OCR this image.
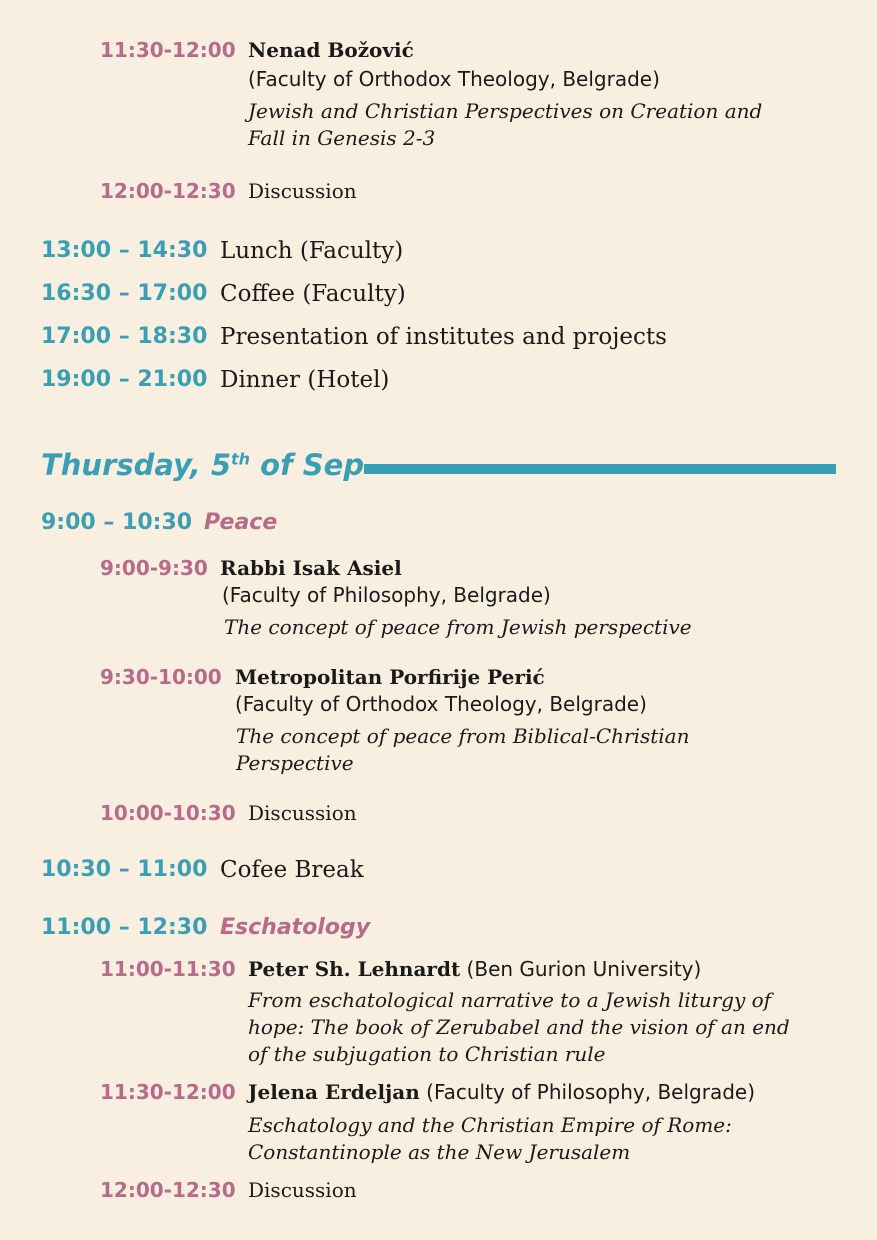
11:30-12:00 Nenad Božović
(Faculty of Orthodox Theology, Belgrade)
Jewish and Christian Perspectives on Creation and Fall in Genesis 2-3
12:00-12:30 Discussion
13:00 – 14:30 Lunch (Faculty)
16:30 – 17:00 Coffee (Faculty)
17:00 – 18:30 Presentation of institutes and projects
19:00 – 21:00 Dinner (Hotel)
Thursday, 5th of Sep
9:00 – 10:30 Peace
9:00-9:30 Rabbi Isak Asiel
(Faculty of Philosophy, Belgrade)
The concept of peace from Jewish perspective
9:30-10:00 Metropolitan Porfirije Perić
(Faculty of Orthodox Theology, Belgrade)
The concept of peace from Biblical-Christian Perspective
10:00-10:30 Discussion
10:30 – 11:00 Cofee Break
11:00 – 12:30 Eschatology
11:00-11:30 Peter Sh. Lehnardt (Ben Gurion University)
From eschatological narrative to a Jewish liturgy of hope: The book of Zerubabel and the vision of an end of the subjugation to Christian rule
11:30-12:00 Jelena Erdeljan (Faculty of Philosophy, Belgrade)
Eschatology and the Christian Empire of Rome: Constantinople as the New Jerusalem
12:00-12:30 Discussion
